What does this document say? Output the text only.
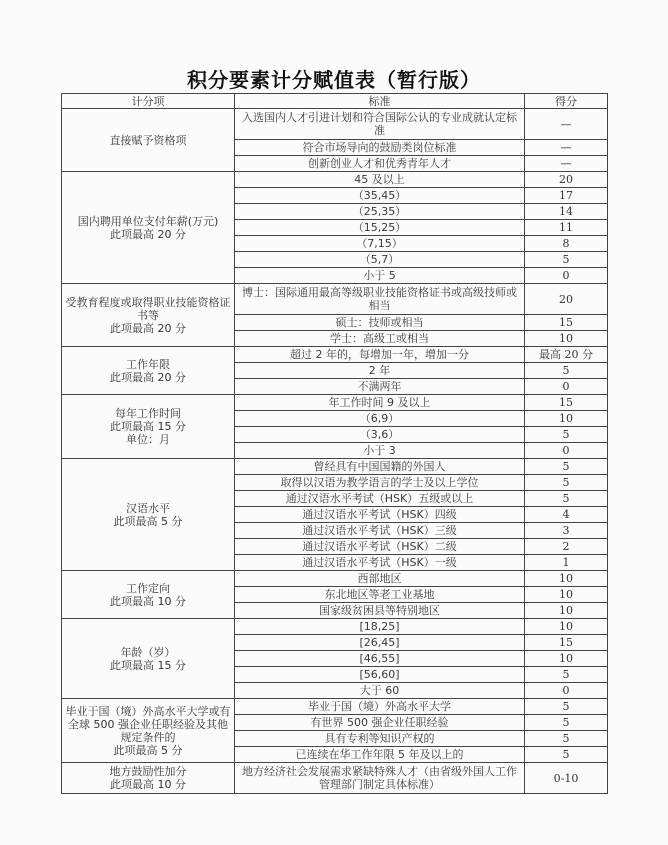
积分要素计分赋值表（暂行版）
计分项	标准	得分

直接赋予资格项	入选国内人才引进计划和符合国际公认的专业成就认定标准	—
	符合市场导向的鼓励类岗位标准	—
	创新创业人才和优秀青年人才	—

国内聘用单位支付年薪(万元)
此项最高 20 分	45 及以上	20
	（35,45）	17
	（25,35）	14
	（15,25）	11
	（7,15）	8
	（5,7）	5
	小于 5	0

受教育程度或取得职业技能资格证书等
此项最高 20 分	博士：国际通用最高等级职业技能资格证书或高级技师或相当	20
	硕士：技师或相当	15
	学士：高级工或相当	10

工作年限
此项最高 20 分	超过 2 年的，每增加一年，增加一分	最高 20 分
	2 年	5
	不满两年	0

每年工作时间
此项最高 15 分
单位：月	年工作时间 9 及以上	15
	（6,9）	10
	（3,6）	5
	小于 3	0

汉语水平
此项最高 5 分	曾经具有中国国籍的外国人	5
	取得以汉语为教学语言的学士及以上学位	5
	通过汉语水平考试（HSK）五级或以上	5
	通过汉语水平考试（HSK）四级	4
	通过汉语水平考试（HSK）三级	3
	通过汉语水平考试（HSK）二级	2
	通过汉语水平考试（HSK）一级	1

工作定向
此项最高 10 分	西部地区	10
	东北地区等老工业基地	10
	国家级贫困县等特别地区	10

年龄（岁）
此项最高 15 分	[18,25]	10
	[26,45]	15
	[46,55]	10
	[56,60]	5
	大于 60	0

毕业于国（境）外高水平大学或有全球 500 强企业任职经验及其他规定条件的
此项最高 5 分	毕业于国（境）外高水平大学	5
	有世界 500 强企业任职经验	5
	具有专利等知识产权的	5
	已连续在华工作年限 5 年及以上的	5

地方鼓励性加分
此项最高 10 分	地方经济社会发展需求紧缺特殊人才（由省级外国人工作管理部门制定具体标准）	0-10
